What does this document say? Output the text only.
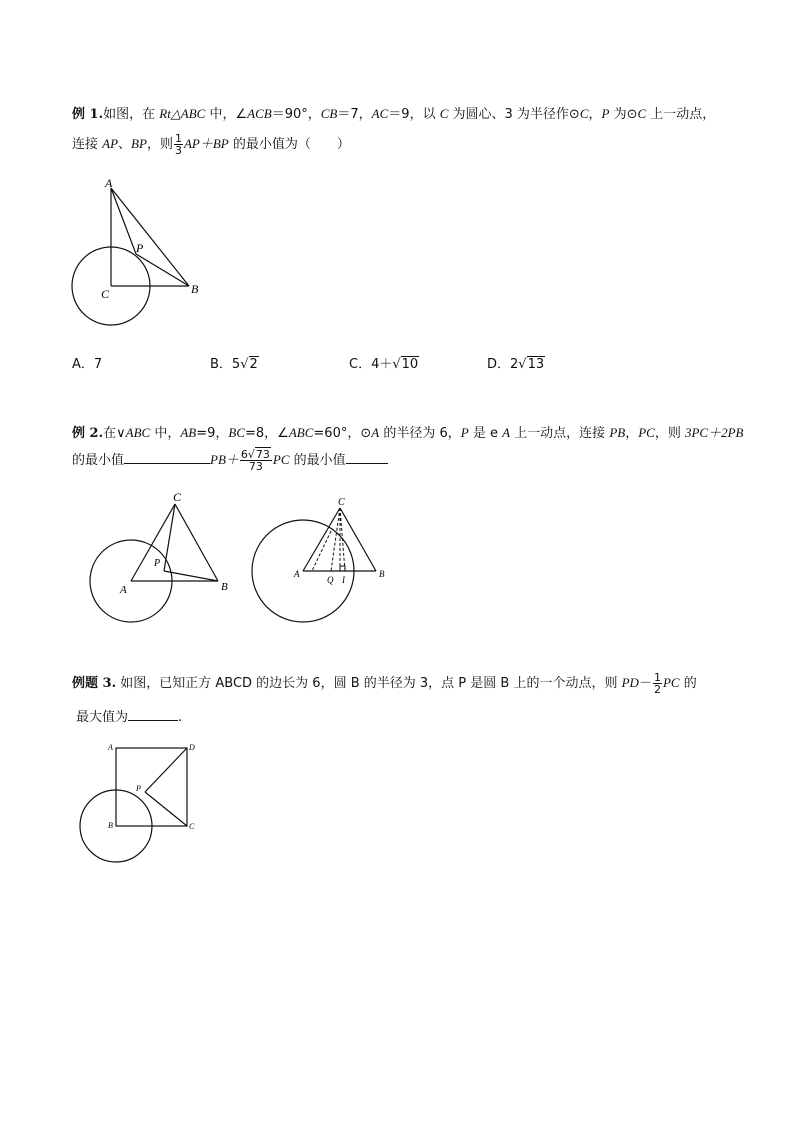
例 1.如图，在 Rt△ABC 中，∠ACB＝90°，CB＝7，AC＝9，以 C 为圆心、3 为半径作⊙C，P 为⊙C 上一动点，
连接 AP、BP，则 $\frac{1}{3} AP+BP$ 的最小值为（　　）
A
B
C
P
A．7	B．5√2	C．4＋√10	D．2√13
例 2.在∨ABC 中，AB=9，BC=8，∠ABC=60°，⊙A 的半径为 6，P 是 e A 上一动点，连接 PB，PC，则 3PC＋2PB
的最小值	$PB+ \frac{6√73}{73}$ PC 的最小值
C
A	B
P
C
A	B
Q I
例题 3. 如图，已知正方 ABCD 的边长为 6，圆 B 的半径为 3，点 P 是圆 B 上的一个动点，则 $PD- \frac{1}{2}$ PC 的
最大值为	.
A	D
B	C
P
